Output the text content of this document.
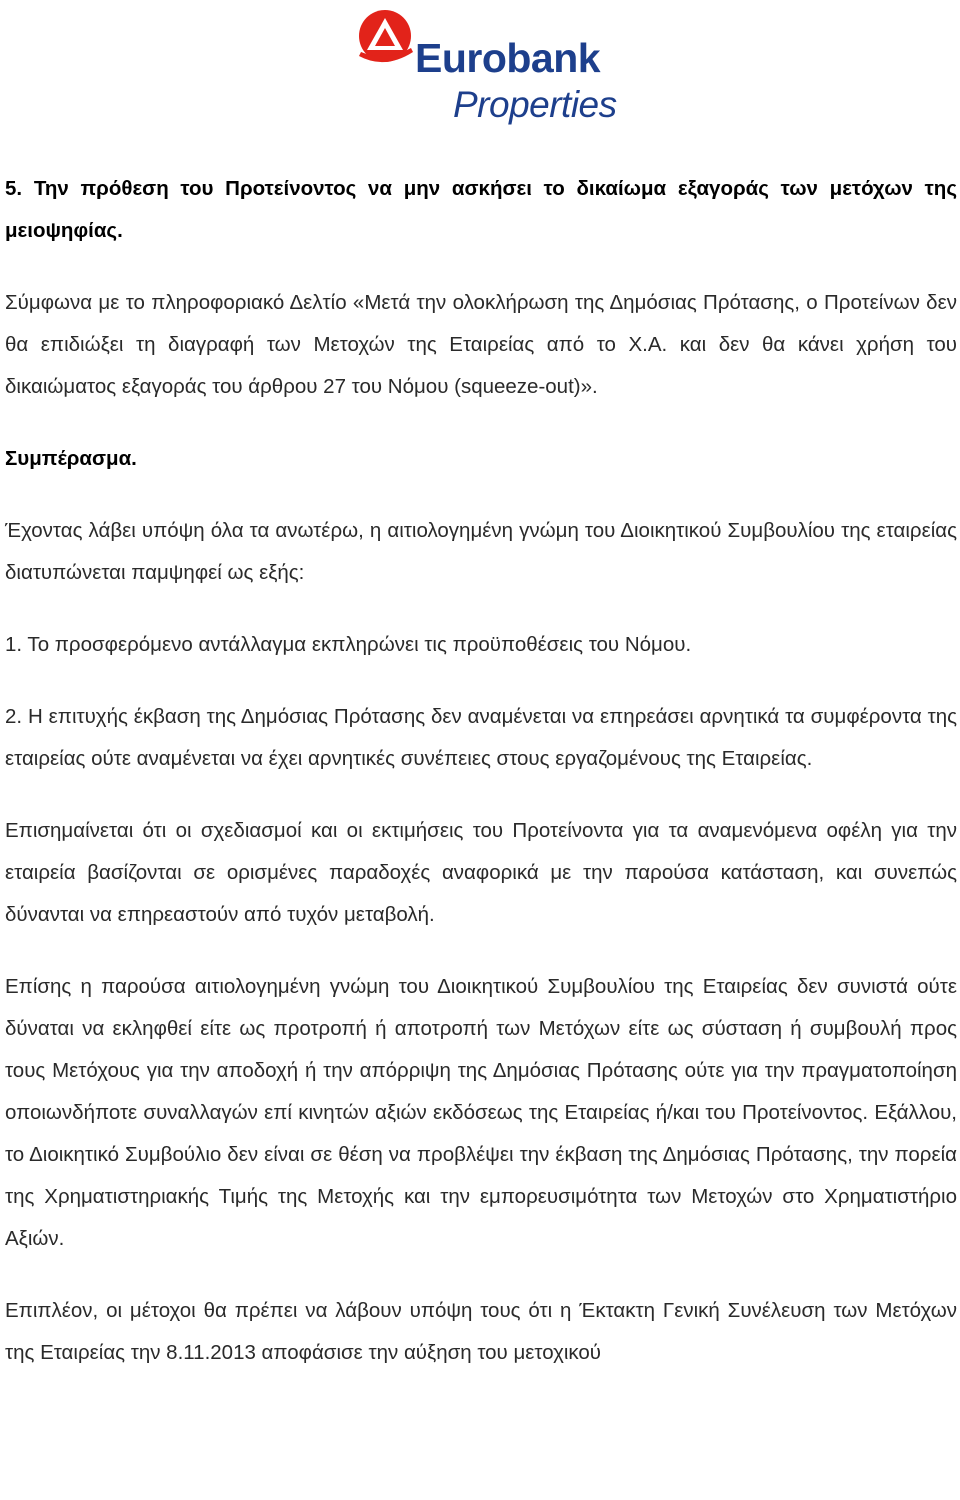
Eurobank
Properties

5. Την πρόθεση του Προτείνοντος να μην ασκήσει το δικαίωμα εξαγοράς των μετόχων της μειοψηφίας.

Σύμφωνα με το πληροφοριακό Δελτίο «Μετά την ολοκλήρωση της Δημόσιας Πρότασης, ο Προτείνων δεν θα επιδιώξει τη διαγραφή των Μετοχών της Εταιρείας από το Χ.Α. και δεν θα κάνει χρήση του δικαιώματος εξαγοράς του άρθρου 27 του Νόμου (squeeze-out)».

Συμπέρασμα.

Έχοντας λάβει υπόψη όλα τα ανωτέρω, η αιτιολογημένη γνώμη του Διοικητικού Συμβουλίου της εταιρείας διατυπώνεται παμψηφεί ως εξής:

1. Το προσφερόμενο αντάλλαγμα εκπληρώνει τις προϋποθέσεις του Νόμου.

2. Η επιτυχής έκβαση της Δημόσιας Πρότασης δεν αναμένεται να επηρεάσει αρνητικά τα συμφέροντα της εταιρείας ούτε αναμένεται να έχει αρνητικές συνέπειες στους εργαζομένους της Εταιρείας.

Επισημαίνεται ότι οι σχεδιασμοί και οι εκτιμήσεις του Προτείνοντα για τα αναμενόμενα οφέλη για την εταιρεία βασίζονται σε ορισμένες παραδοχές αναφορικά με την παρούσα κατάσταση, και συνεπώς δύνανται να επηρεαστούν από τυχόν μεταβολή.

Επίσης η παρούσα αιτιολογημένη γνώμη του Διοικητικού Συμβουλίου της Εταιρείας δεν συνιστά ούτε δύναται να εκληφθεί είτε ως προτροπή ή αποτροπή των Μετόχων είτε ως σύσταση ή συμβουλή προς τους Μετόχους για την αποδοχή ή την απόρριψη της Δημόσιας Πρότασης ούτε για την πραγματοποίηση οποιωνδήποτε συναλλαγών επί κινητών αξιών εκδόσεως της Εταιρείας ή/και του Προτείνοντος. Εξάλλου, το Διοικητικό Συμβούλιο δεν είναι σε θέση να προβλέψει την έκβαση της Δημόσιας Πρότασης, την πορεία της Χρηματιστηριακής Τιμής της Μετοχής και την εμπορευσιμότητα των Μετοχών στο Χρηματιστήριο Αξιών.

Επιπλέον, οι μέτοχοι θα πρέπει να λάβουν υπόψη τους ότι η Έκτακτη Γενική Συνέλευση των Μετόχων της Εταιρείας την 8.11.2013 αποφάσισε την αύξηση του μετοχικού
